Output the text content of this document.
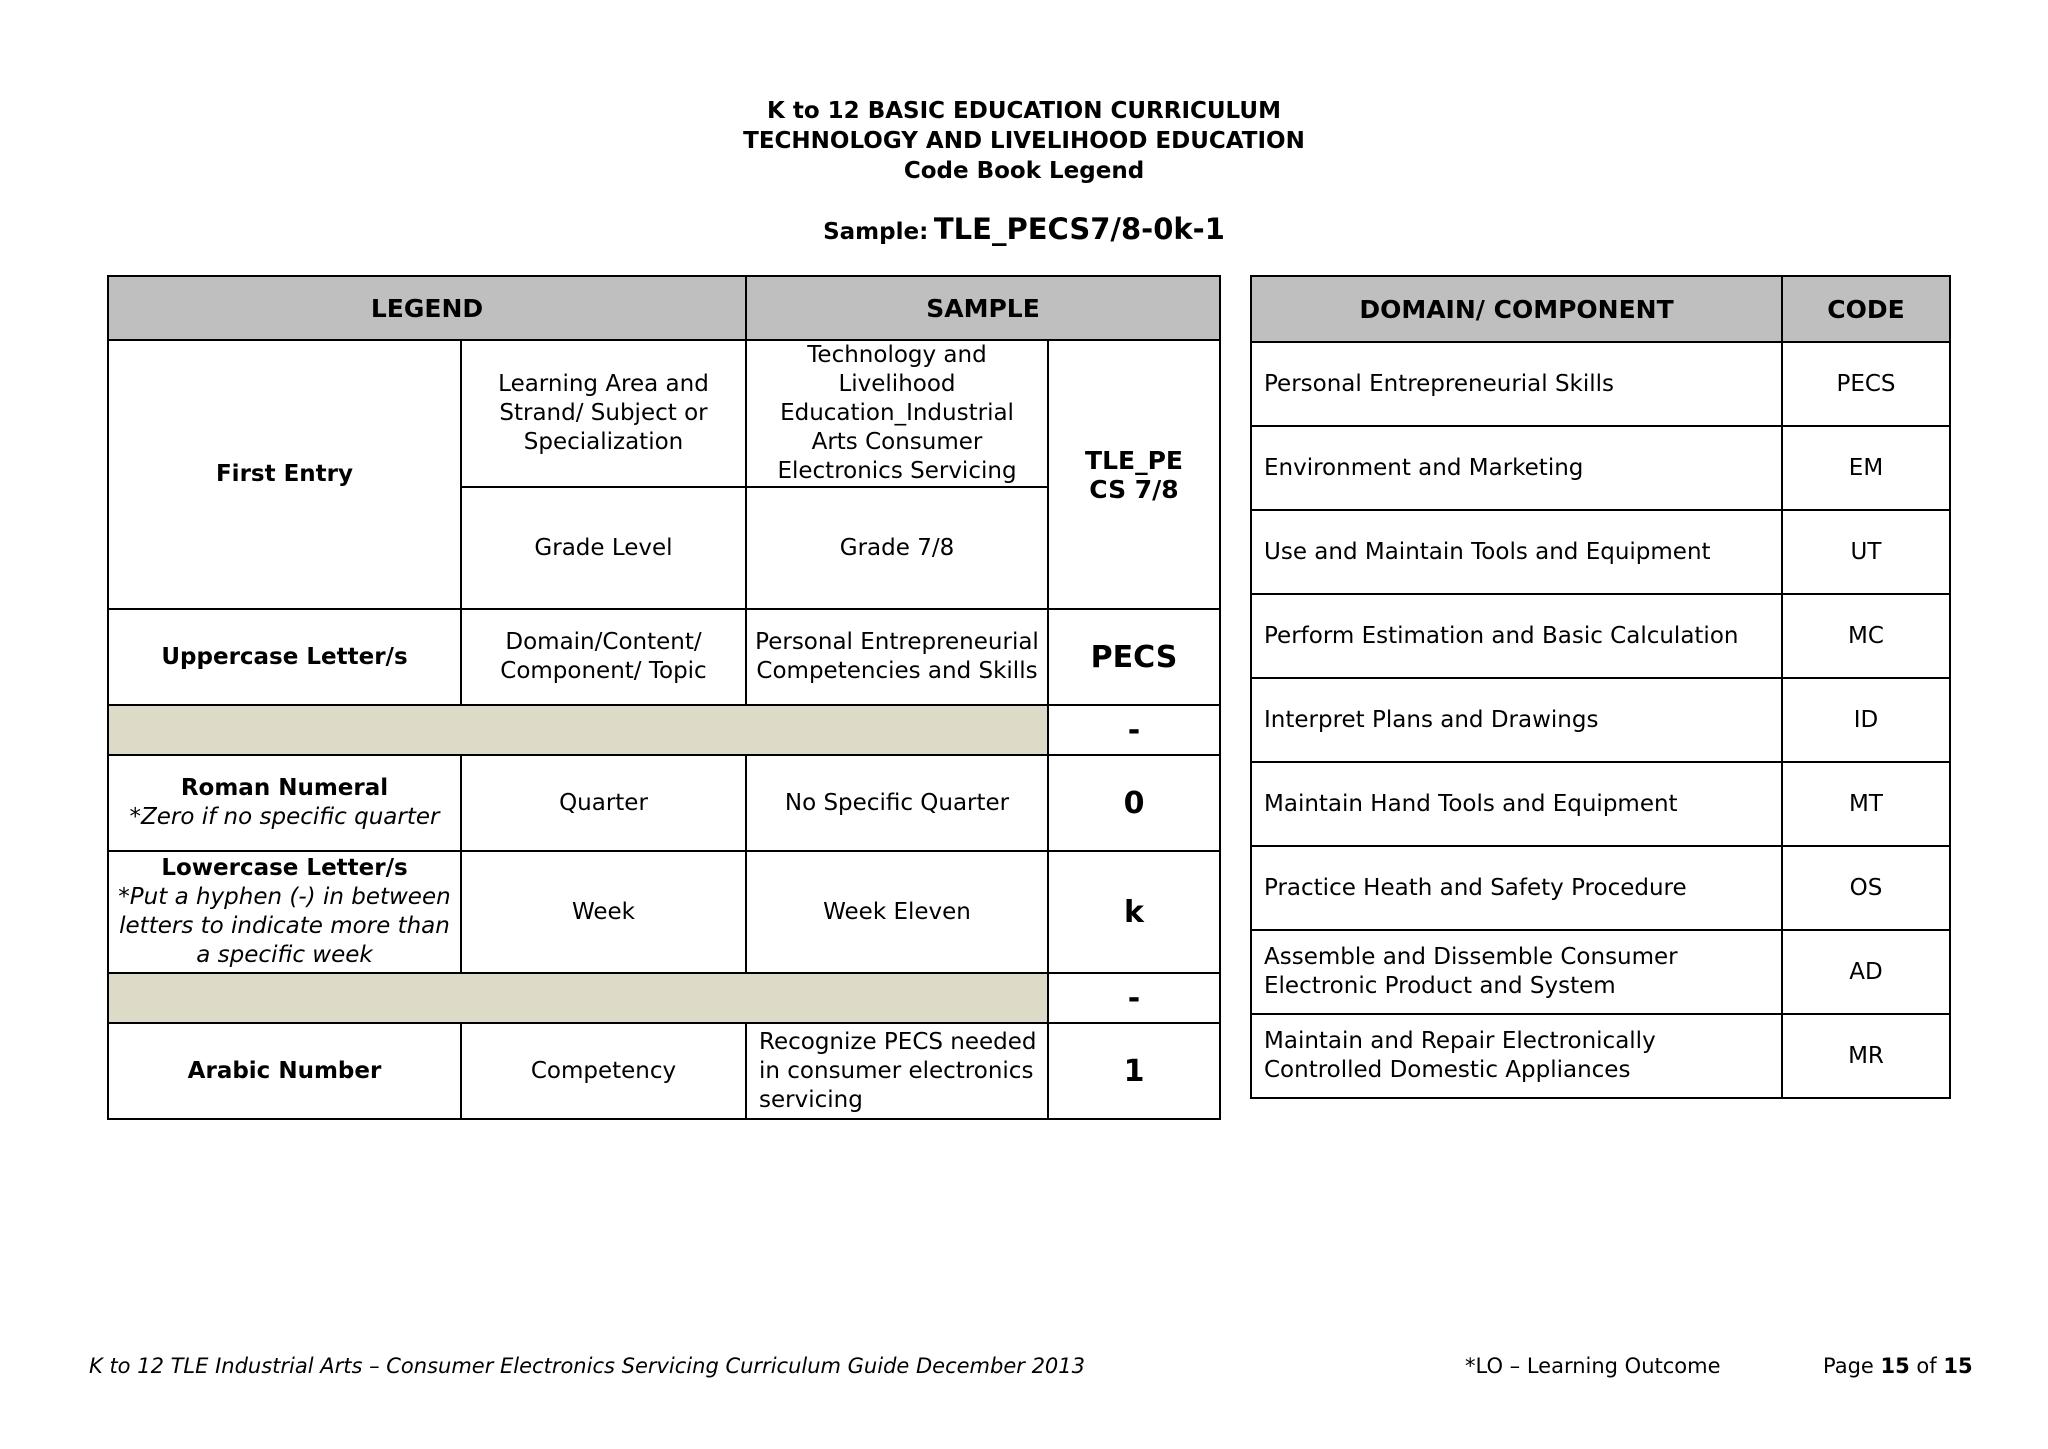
K to 12 BASIC EDUCATION CURRICULUM
TECHNOLOGY AND LIVELIHOOD EDUCATION
Code Book Legend
Sample: TLE_PECS7/8-0k-1
LEGEND		SAMPLE	
First Entry	Learning Area and Strand/ Subject or Specialization	Technology and Livelihood Education_Industrial Arts Consumer Electronics Servicing	TLE_PE CS 7/8
	Grade Level	Grade 7/8	
Uppercase Letter/s	Domain/Content/ Component/ Topic	Personal Entrepreneurial Competencies and Skills	PECS
			-

Roman Numeral
*Zero if no specific quarter	Quarter	No Specific Quarter	0

Lowercase Letter/s
*Put a hyphen (-) in between letters to indicate more than a specific week	Week	Week Eleven	k
			-
Arabic Number	Competency	Recognize PECS needed in consumer electronics servicing	1
DOMAIN/ COMPONENT	CODE
Personal Entrepreneurial Skills	PECS
Environment and Marketing	EM
Use and Maintain Tools and Equipment	UT
Perform Estimation and Basic Calculation	MC
Interpret Plans and Drawings	ID
Maintain Hand Tools and Equipment	MT
Practice Heath and Safety Procedure	OS
Assemble and Dissemble Consumer Electronic Product and System	AD
Maintain and Repair Electronically Controlled Domestic Appliances	MR
K to 12 TLE Industrial Arts – Consumer Electronics Servicing Curriculum Guide December 2013	*LO – Learning Outcome	Page 15 of 15
